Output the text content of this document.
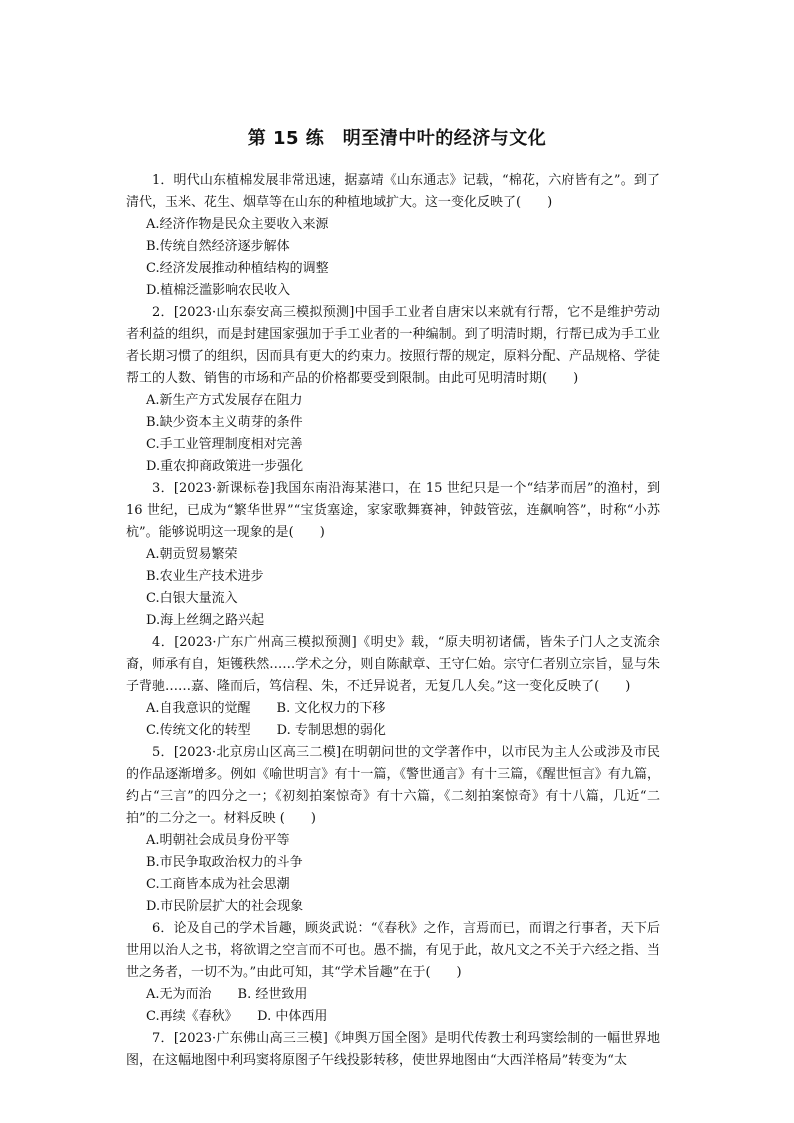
第 15 练　明至清中叶的经济与文化

1．明代山东植棉发展非常迅速，据嘉靖《山东通志》记载，“棉花，六府皆有之”。到了清代，玉米、花生、烟草等在山东的种植地域扩大。这一变化反映了(　　)

A.经济作物是民众主要收入来源

B.传统自然经济逐步解体

C.经济发展推动种植结构的调整

D.植棉泛滥影响农民收入

2．[2023·山东泰安高三模拟预测]中国手工业者自唐宋以来就有行帮，它不是维护劳动者利益的组织，而是封建国家强加于手工业者的一种编制。到了明清时期，行帮已成为手工业者长期习惯了的组织，因而具有更大的约束力。按照行帮的规定，原料分配、产品规格、学徒帮工的人数、销售的市场和产品的价格都要受到限制。由此可见明清时期(　　)

A.新生产方式发展存在阻力

B.缺少资本主义萌芽的条件

C.手工业管理制度相对完善

D.重农抑商政策进一步强化

3．[2023·新课标卷]我国东南沿海某港口，在 15 世纪只是一个“结茅而居”的渔村，到 16 世纪，已成为“繁华世界”“宝货塞途，家家歌舞赛神，钟鼓管弦，连飙响答”，时称“小苏杭”。能够说明这一现象的是(　　)

A.朝贡贸易繁荣

B.农业生产技术进步

C.白银大量流入

D.海上丝绸之路兴起

4．[2023·广东广州高三模拟预测]《明史》载，“原夫明初诸儒，皆朱子门人之支流余裔，师承有自，矩镬秩然……学术之分，则自陈献章、王守仁始。宗守仁者别立宗旨，显与朱子背驰……嘉、隆而后，笃信程、朱，不迁异说者，无复几人矣。”这一变化反映了(　　)

A.自我意识的觉醒　　B. 文化权力的下移

C.传统文化的转型　　D. 专制思想的弱化

5．[2023·北京房山区高三二模]在明朝问世的文学著作中，以市民为主人公或涉及市民的作品逐渐增多。例如《喻世明言》有十一篇，《警世通言》有十三篇，《醒世恒言》有九篇，约占“三言”的四分之一；《初刻拍案惊奇》有十六篇，《二刻拍案惊奇》有十八篇，几近“二拍”的二分之一。材料反映 (　　)

A.明朝社会成员身份平等

B.市民争取政治权力的斗争

C.工商皆本成为社会思潮

D.市民阶层扩大的社会现象

6．论及自己的学术旨趣，顾炎武说：“《春秋》之作，言焉而已，而谓之行事者，天下后世用以治人之书，将欲谓之空言而不可也。愚不揣，有见于此，故凡文之不关于六经之指、当世之务者，一切不为。”由此可知，其“学术旨趣”在于(　　)

A.无为而治　　B. 经世致用

C.再续《春秋》　　D. 中体西用

7．[2023·广东佛山高三三模]《坤舆万国全图》是明代传教士利玛窦绘制的一幅世界地图，在这幅地图中利玛窦将原图子午线投影转移，使世界地图由“大西洋格局”转变为“太
